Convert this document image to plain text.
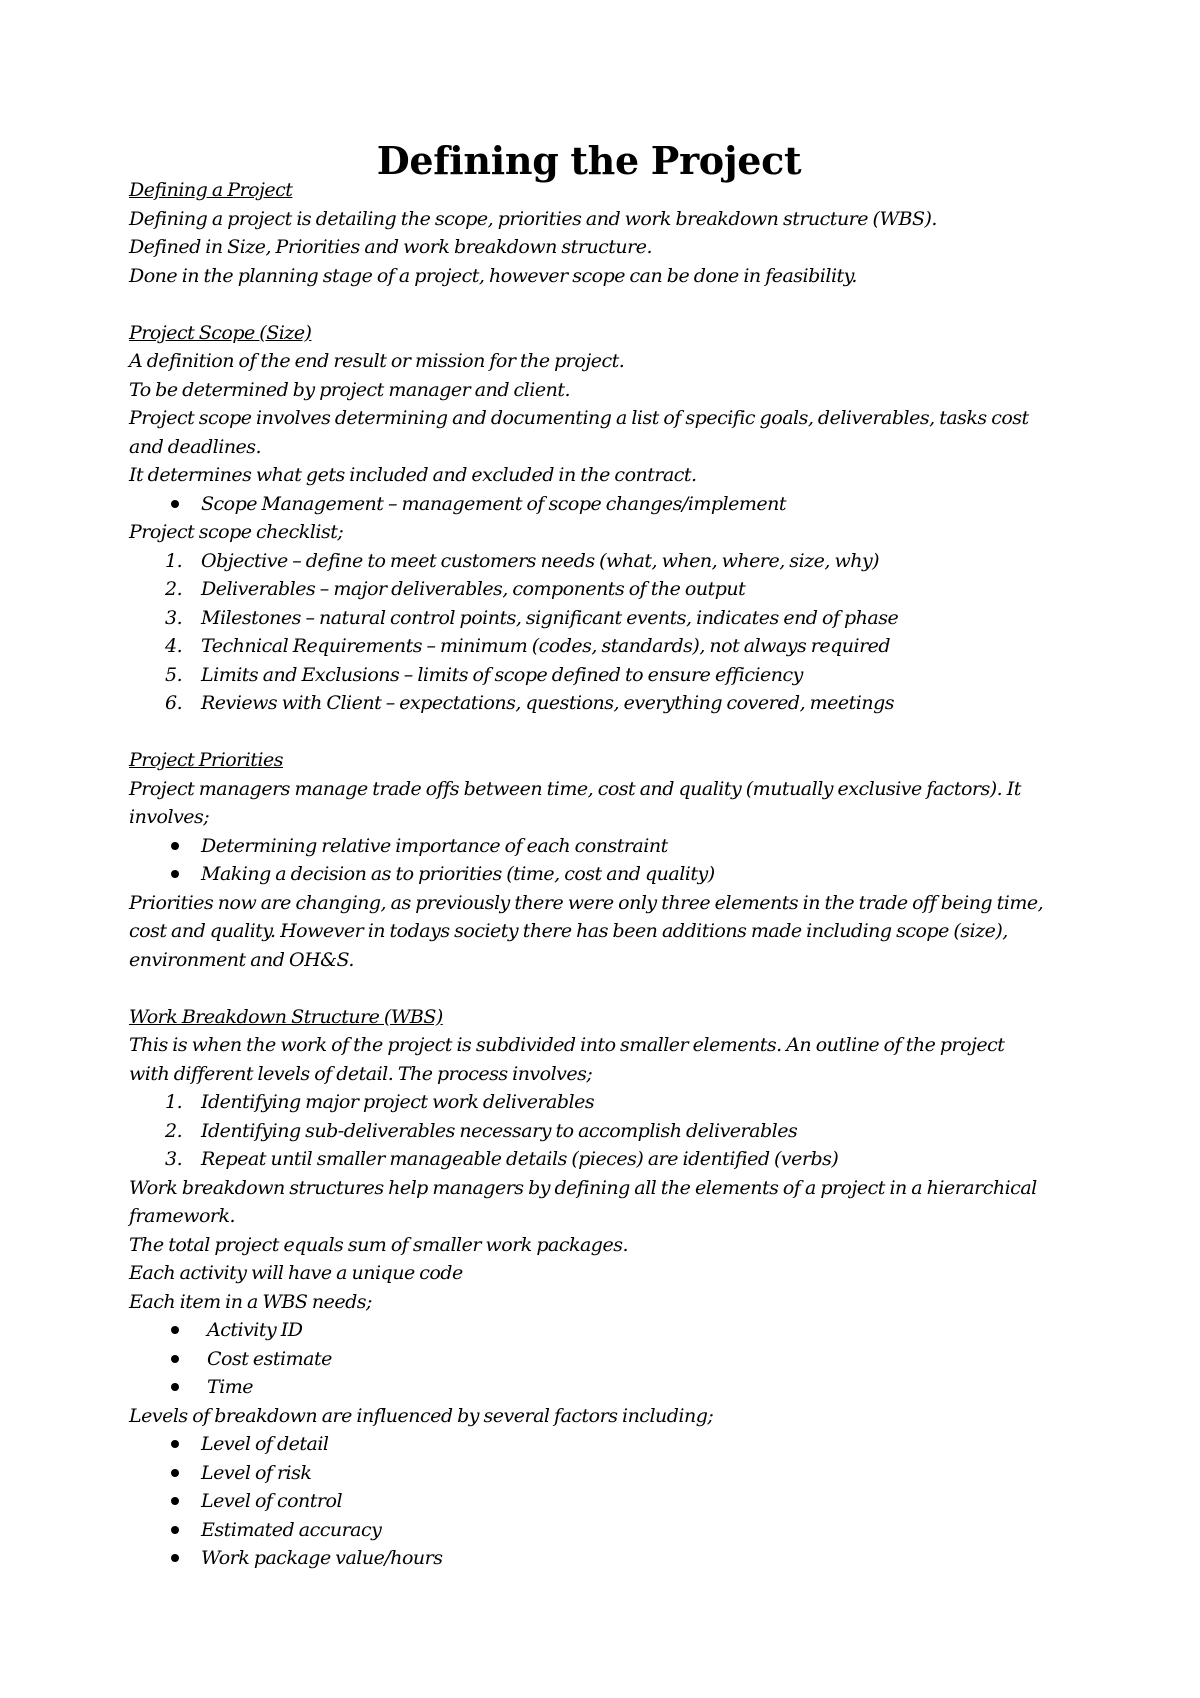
Defining the Project

Defining a Project

Defining a project is detailing the scope, priorities and work breakdown structure (WBS).

Defined in Size, Priorities and work breakdown structure.

Done in the planning stage of a project, however scope can be done in feasibility.

Project Scope (Size)

A definition of the end result or mission for the project.

To be determined by project manager and client.

Project scope involves determining and documenting a list of specific goals, deliverables, tasks cost and deadlines.

It determines what gets included and excluded in the contract.

Scope Management – management of scope changes/implement

Project scope checklist;

1. Objective – define to meet customers needs (what, when, where, size, why)
2. Deliverables – major deliverables, components of the output
3. Milestones – natural control points, significant events, indicates end of phase
4. Technical Requirements – minimum (codes, standards), not always required
5. Limits and Exclusions – limits of scope defined to ensure efficiency
6. Reviews with Client – expectations, questions, everything covered, meetings

Project Priorities

Project managers manage trade offs between time, cost and quality (mutually exclusive factors). It involves;

Determining relative importance of each constraint
Making a decision as to priorities (time, cost and quality)

Priorities now are changing, as previously there were only three elements in the trade off being time, cost and quality. However in todays society there has been additions made including scope (size), environment and OH&S.

Work Breakdown Structure (WBS)

This is when the work of the project is subdivided into smaller elements. An outline of the project with different levels of detail. The process involves;

1. Identifying major project work deliverables
2. Identifying sub-deliverables necessary to accomplish deliverables
3. Repeat until smaller manageable details (pieces) are identified (verbs)

Work breakdown structures help managers by defining all the elements of a project in a hierarchical framework.

The total project equals sum of smaller work packages.

Each activity will have a unique code

Each item in a WBS needs;

Activity ID
Cost estimate
Time

Levels of breakdown are influenced by several factors including;

Level of detail
Level of risk
Level of control
Estimated accuracy
Work package value/hours
